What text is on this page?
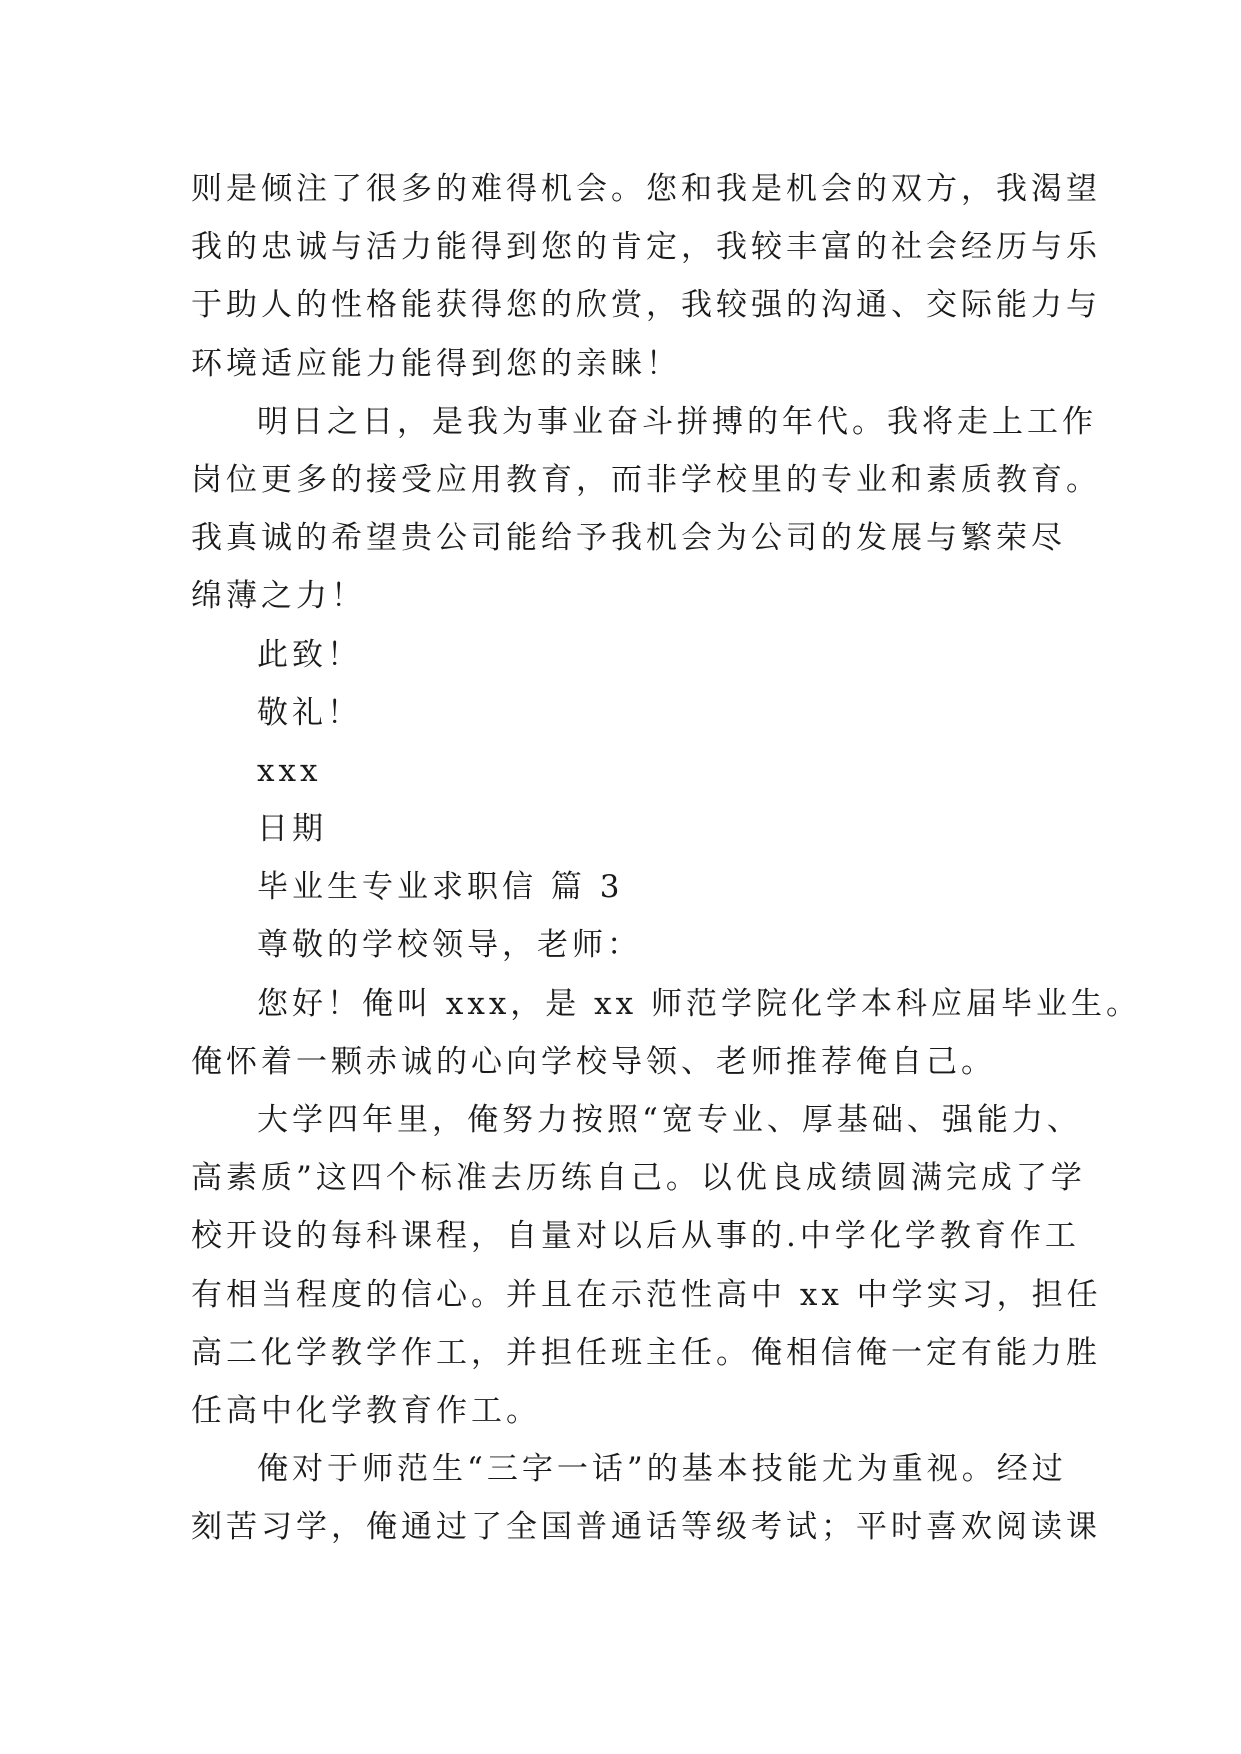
则是倾注了很多的难得机会。您和我是机会的双方，我渴望
我的忠诚与活力能得到您的肯定，我较丰富的社会经历与乐
于助人的性格能获得您的欣赏，我较强的沟通、交际能力与
环境适应能力能得到您的亲睐！
明日之日，是我为事业奋斗拼搏的年代。我将走上工作
岗位更多的接受应用教育，而非学校里的专业和素质教育。
我真诚的希望贵公司能给予我机会为公司的发展与繁荣尽
绵薄之力！
此致！
敬礼！
xxx
日期
毕业生专业求职信 篇 3
尊敬的学校领导，老师：
您好！俺叫 xxx，是 xx 师范学院化学本科应届毕业生。
俺怀着一颗赤诚的心向学校导领、老师推荐俺自己。
大学四年里，俺努力按照“宽专业、厚基础、强能力、
高素质”这四个标准去历练自己。以优良成绩圆满完成了学
校开设的每科课程，自量对以后从事的.中学化学教育作工
有相当程度的信心。并且在示范性高中 xx 中学实习，担任
高二化学教学作工，并担任班主任。俺相信俺一定有能力胜
任高中化学教育作工。
俺对于师范生“三字一话”的基本技能尤为重视。经过
刻苦习学，俺通过了全国普通话等级考试；平时喜欢阅读课
